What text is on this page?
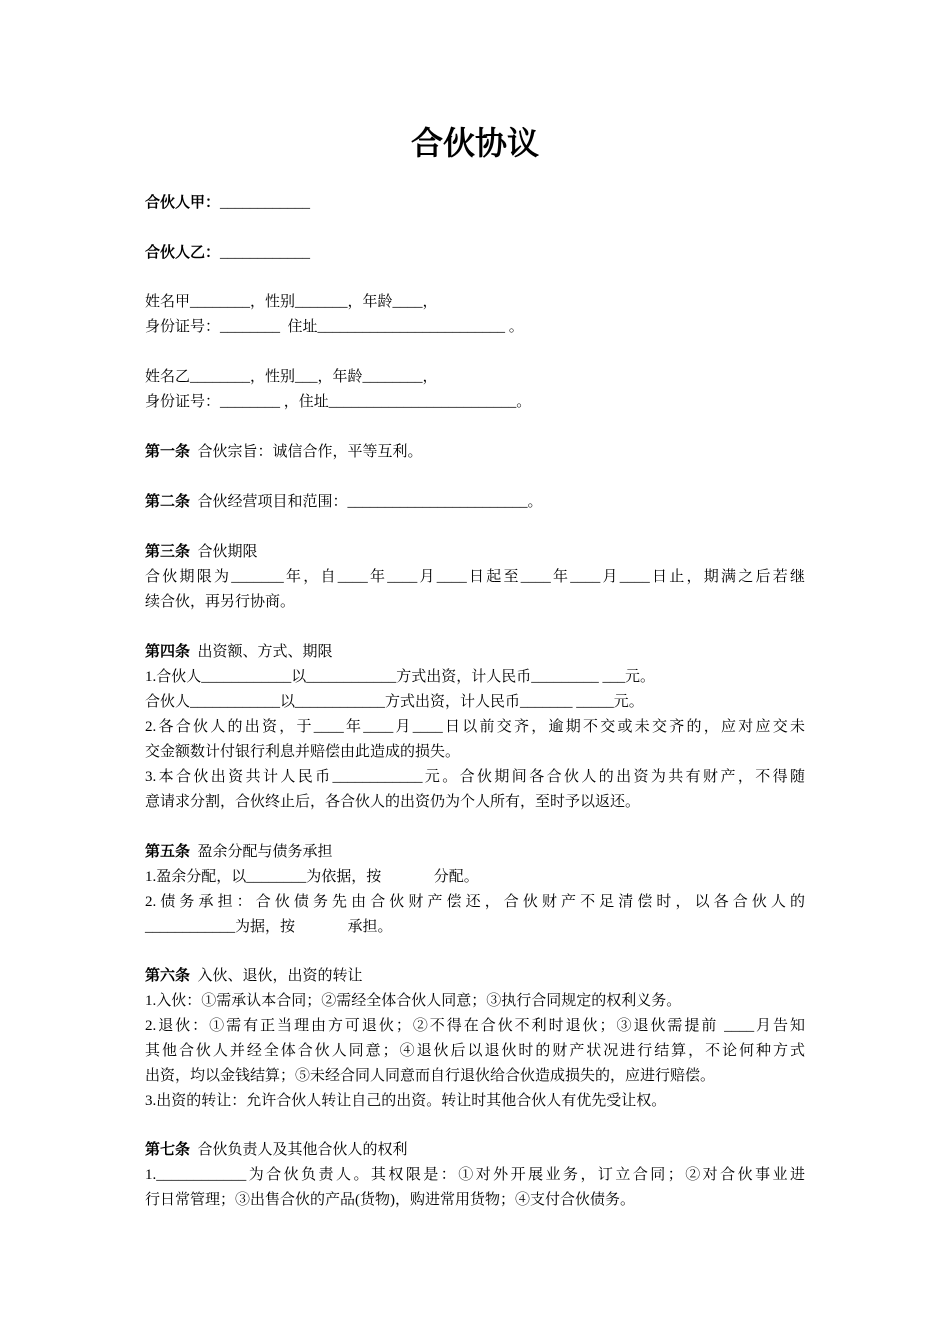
合伙协议
合伙人甲：____________
合伙人乙：____________
姓名甲________，性别_______，年龄____，
身份证号：________  住址_________________________ 。
姓名乙________，性别___，年龄________，
身份证号：________ ，住址_________________________。
第一条  合伙宗旨：诚信合作，平等互利。
第二条  合伙经营项目和范围：________________________。
第三条  合伙期限
合伙期限为_______年，自____年____月____日起至____年____月____日止，期满之后若继
续合伙，再另行协商。
第四条  出资额、方式、期限
1.合伙人____________以____________方式出资，计人民币_________ ___元。
合伙人____________以____________方式出资，计人民币_______ _____元。
2.各合伙人的出资，于____年____月____日以前交齐，逾期不交或未交齐的，应对应交未
交金额数计付银行利息并赔偿由此造成的损失。
3.本合伙出资共计人民币____________元。合伙期间各合伙人的出资为共有财产，不得随
意请求分割，合伙终止后，各合伙人的出资仍为个人所有，至时予以返还。
第五条  盈余分配与债务承担
1.盈余分配，以________为依据，按              分配。
2.债务承担：合伙债务先由合伙财产偿还，合伙财产不足清偿时，以各合伙人的
____________为据，按              承担。
第六条  入伙、退伙，出资的转让
1.入伙：①需承认本合同；②需经全体合伙人同意；③执行合同规定的权利义务。
2.退伙：①需有正当理由方可退伙；②不得在合伙不利时退伙；③退伙需提前 ____月告知
其他合伙人并经全体合伙人同意；④退伙后以退伙时的财产状况进行结算，不论何种方式
出资，均以金钱结算；⑤未经合同人同意而自行退伙给合伙造成损失的，应进行赔偿。
3.出资的转让：允许合伙人转让自己的出资。转让时其他合伙人有优先受让权。
第七条  合伙负责人及其他合伙人的权利
1.____________为合伙负责人。其权限是：①对外开展业务，订立合同；②对合伙事业进
行日常管理；③出售合伙的产品(货物)，购进常用货物；④支付合伙债务。
